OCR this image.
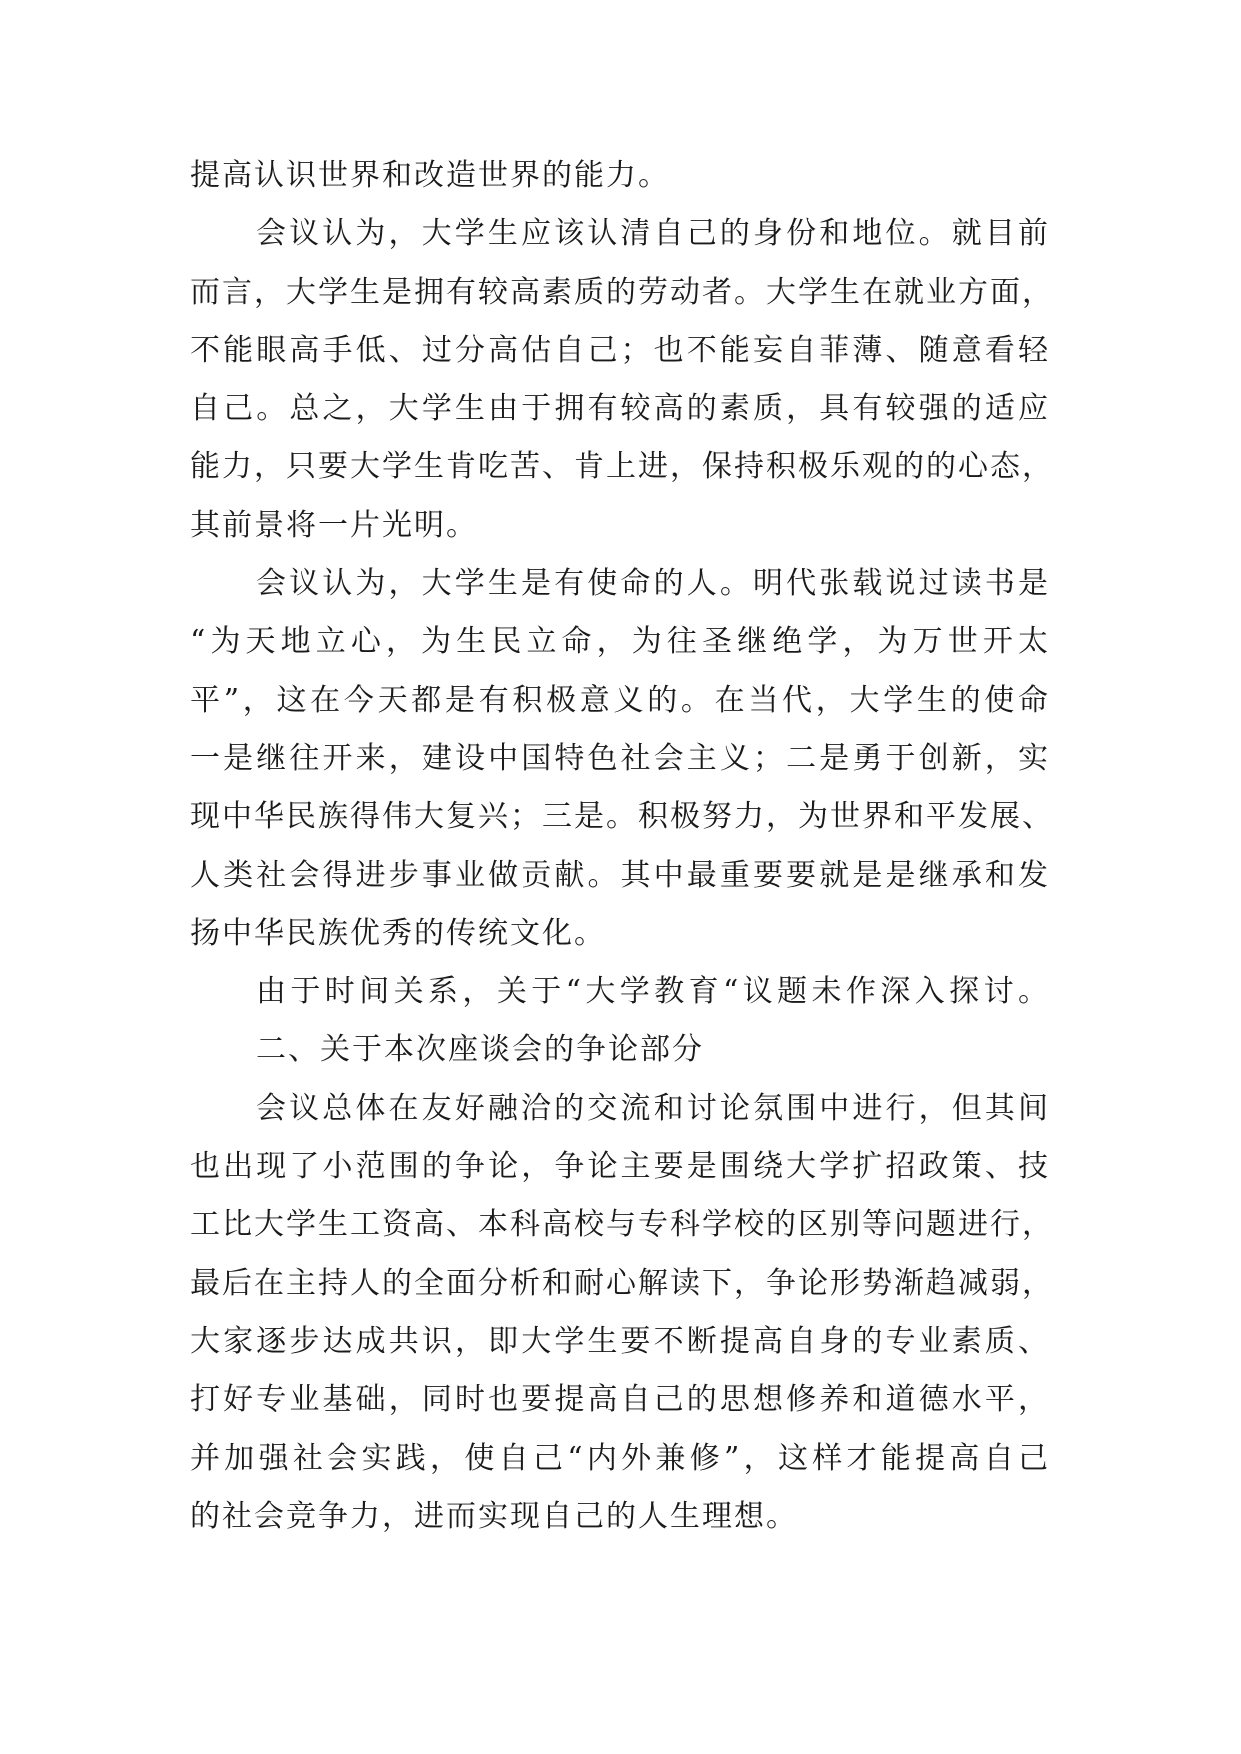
提高认识世界和改造世界的能力。
会议认为，大学生应该认清自己的身份和地位。就目前
而言，大学生是拥有较高素质的劳动者。大学生在就业方面，
不能眼高手低、过分高估自己；也不能妄自菲薄、随意看轻
自己。总之，大学生由于拥有较高的素质，具有较强的适应
能力，只要大学生肯吃苦、肯上进，保持积极乐观的的心态，
其前景将一片光明。
会议认为，大学生是有使命的人。明代张载说过读书是
“为天地立心，为生民立命，为往圣继绝学，为万世开太
平”，这在今天都是有积极意义的。在当代，大学生的使命
一是继往开来，建设中国特色社会主义；二是勇于创新，实
现中华民族得伟大复兴；三是。积极努力，为世界和平发展、
人类社会得进步事业做贡献。其中最重要要就是是继承和发
扬中华民族优秀的传统文化。
由于时间关系，关于“大学教育“议题未作深入探讨。
二、关于本次座谈会的争论部分
会议总体在友好融洽的交流和讨论氛围中进行，但其间
也出现了小范围的争论，争论主要是围绕大学扩招政策、技
工比大学生工资高、本科高校与专科学校的区别等问题进行，
最后在主持人的全面分析和耐心解读下，争论形势渐趋减弱，
大家逐步达成共识，即大学生要不断提高自身的专业素质、
打好专业基础，同时也要提高自己的思想修养和道德水平，
并加强社会实践，使自己“内外兼修”，这样才能提高自己
的社会竞争力，进而实现自己的人生理想。
